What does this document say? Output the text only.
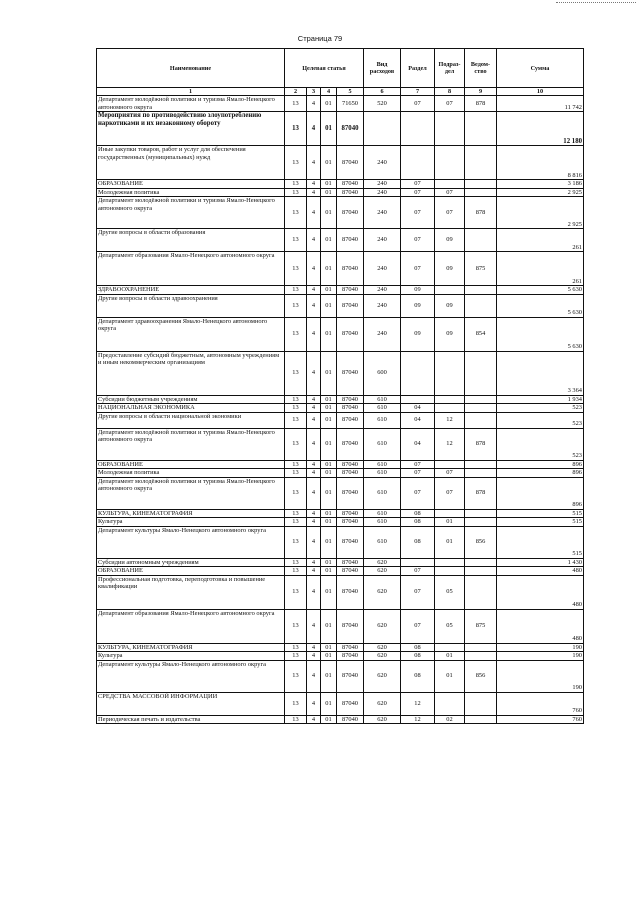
Страница 79
Наименование	Целевая статья				Вид расходов	Раздел	Подраз-дел	Ведом-ство	Сумма
1	2	3	4	5	6	7	8	9	10
Департамент молодёжной политики и туризма Ямало-Ненецкого автономного округа	13	4	01	71650	520	07	07	878	11 742
Мероприятия по противодействию злоупотреблению наркотиками и их незаконному обороту	13	4	01	87040					12 180
Иные закупки товаров, работ и услуг для обеспечения государственных (муниципальных) нужд	13	4	01	87040	240				8 816
ОБРАЗОВАНИЕ	13	4	01	87040	240	07			3 186
Молодежная политика	13	4	01	87040	240	07	07		2 925
Департамент молодёжной политики и туризма Ямало-Ненецкого автономного округа	13	4	01	87040	240	07	07	878	2 925
Другие вопросы в области образования	13	4	01	87040	240	07	09		261
Департамент образования Ямало-Ненецкого автономного округа	13	4	01	87040	240	07	09	875	261
ЗДРАВООХРАНЕНИЕ	13	4	01	87040	240	09			5 630
Другие вопросы в области здравоохранения	13	4	01	87040	240	09	09		5 630
Департамент здравоохранения Ямало-Ненецкого автономного округа	13	4	01	87040	240	09	09	854	5 630
Предоставление субсидий бюджетным, автономным учреждениям и иным некоммерческим организациям	13	4	01	87040	600				3 364
Субсидии бюджетным учреждениям	13	4	01	87040	610				1 934
НАЦИОНАЛЬНАЯ ЭКОНОМИКА	13	4	01	87040	610	04			523
Другие вопросы в области национальной экономики	13	4	01	87040	610	04	12		523
Департамент молодёжной политики и туризма Ямало-Ненецкого автономного округа	13	4	01	87040	610	04	12	878	523
ОБРАЗОВАНИЕ	13	4	01	87040	610	07			896
Молодежная политика	13	4	01	87040	610	07	07		896
Департамент молодёжной политики и туризма Ямало-Ненецкого автономного округа	13	4	01	87040	610	07	07	878	896
КУЛЬТУРА, КИНЕМАТОГРАФИЯ	13	4	01	87040	610	08			515
Культура	13	4	01	87040	610	08	01		515
Департамент культуры Ямало-Ненецкого автономного округа	13	4	01	87040	610	08	01	856	515
Субсидии автономным учреждениям	13	4	01	87040	620				1 430
ОБРАЗОВАНИЕ	13	4	01	87040	620	07			480
Профессиональная подготовка, переподготовка и повышение квалификации	13	4	01	87040	620	07	05		480
Департамент образования Ямало-Ненецкого автономного округа	13	4	01	87040	620	07	05	875	480
КУЛЬТУРА, КИНЕМАТОГРАФИЯ	13	4	01	87040	620	08			190
Культура	13	4	01	87040	620	08	01		190
Департамент культуры Ямало-Ненецкого автономного округа	13	4	01	87040	620	08	01	856	190
СРЕДСТВА МАССОВОЙ ИНФОРМАЦИИ	13	4	01	87040	620	12			760
Периодическая печать и издательства	13	4	01	87040	620	12	02		760
